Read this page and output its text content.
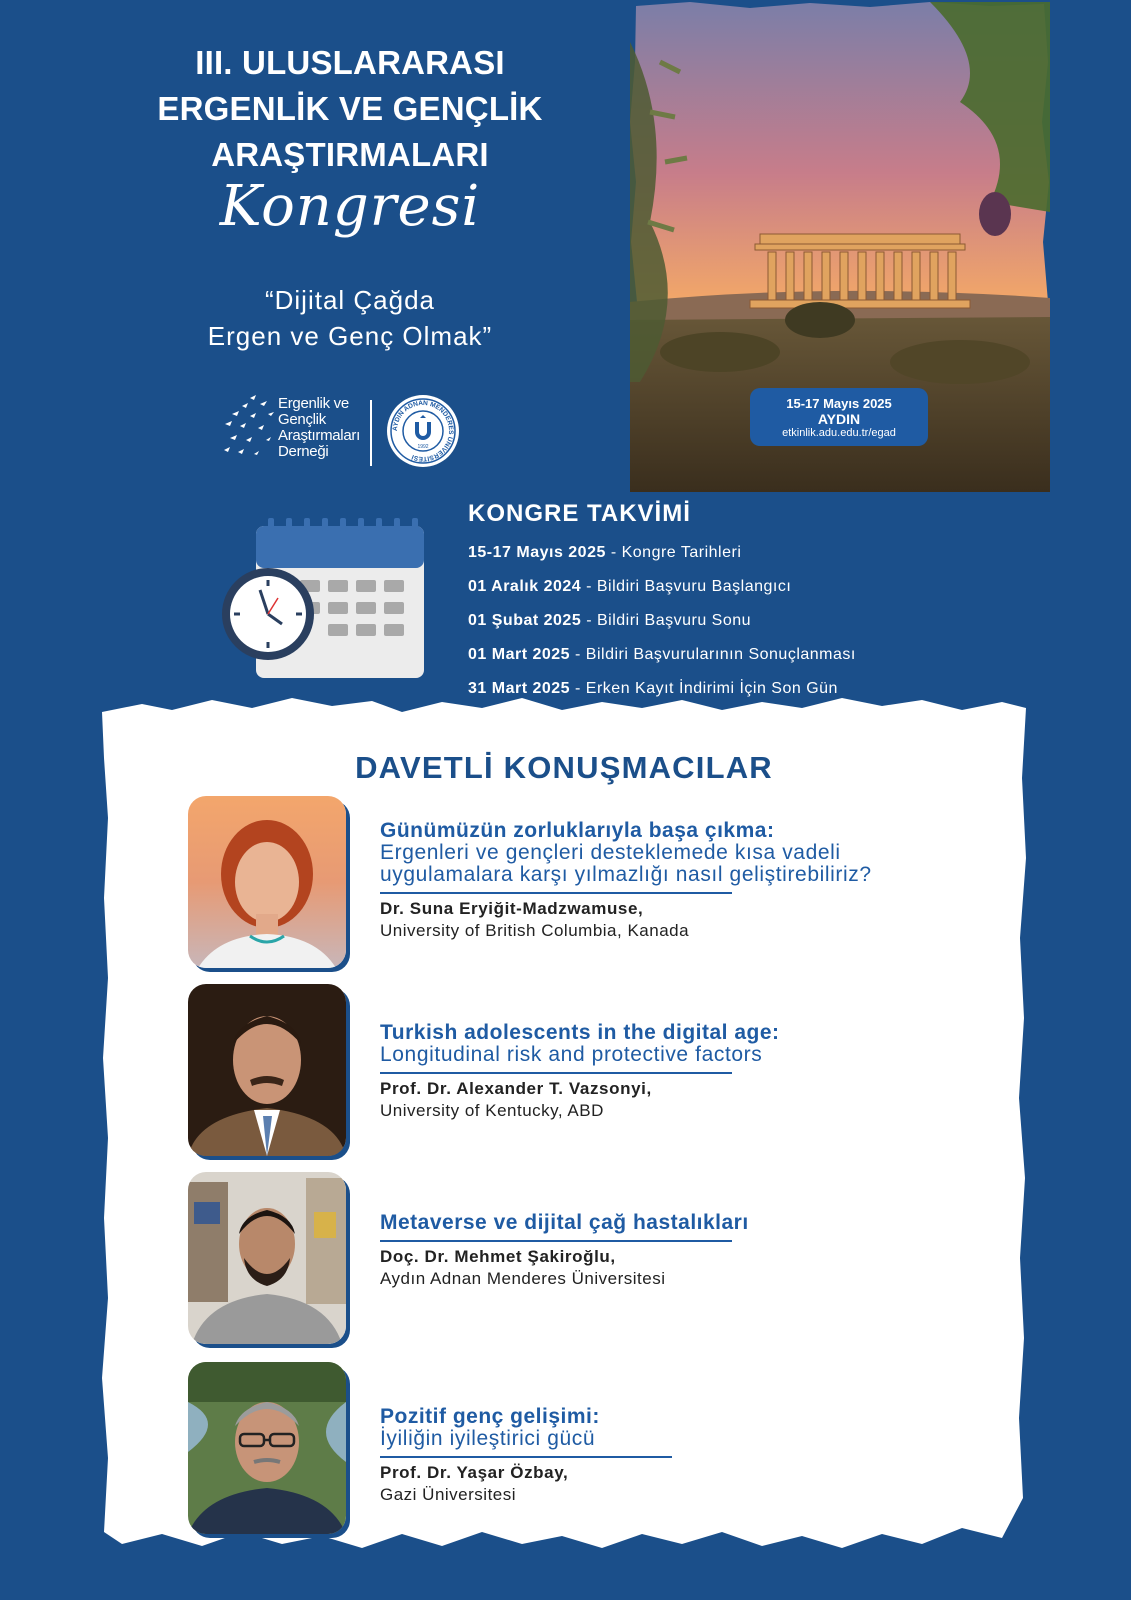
III. ULUSLARARASI
ERGENLİK VE GENÇLİK
ARAŞTIRMALARI
Kongresi
“Dijital Çağda
Ergen ve Genç Olmak”
Ergenlik ve
Gençlik
Araştırmaları
Derneği
AYDIN ADNAN MENDERES ÜNİVERSİTESİ
1992
15-17 Mayıs 2025
AYDIN
etkinlik.adu.edu.tr/egad
KONGRE TAKVİMİ
15-17 Mayıs 2025 - Kongre Tarihleri
01 Aralık 2024 - Bildiri Başvuru Başlangıcı
01 Şubat 2025 - Bildiri Başvuru Sonu
01 Mart 2025 - Bildiri Başvurularının Sonuçlanması
31 Mart 2025 - Erken Kayıt İndirimi İçin Son Gün
DAVETLİ KONUŞMACILAR
Günümüzün zorluklarıyla başa çıkma:
Ergenleri ve gençleri desteklemede kısa vadeli
uygulamalara karşı yılmazlığı nasıl geliştirebiliriz?
Dr. Suna Eryiğit-Madzwamuse,
University of British Columbia, Kanada
Turkish adolescents in the digital age:
Longitudinal risk and protective factors
Prof. Dr. Alexander T. Vazsonyi,
University of Kentucky, ABD
Metaverse ve dijital çağ hastalıkları
Doç. Dr. Mehmet Şakiroğlu,
Aydın Adnan Menderes Üniversitesi
Pozitif genç gelişimi:
İyiliğin iyileştirici gücü
Prof. Dr. Yaşar Özbay,
Gazi Üniversitesi
